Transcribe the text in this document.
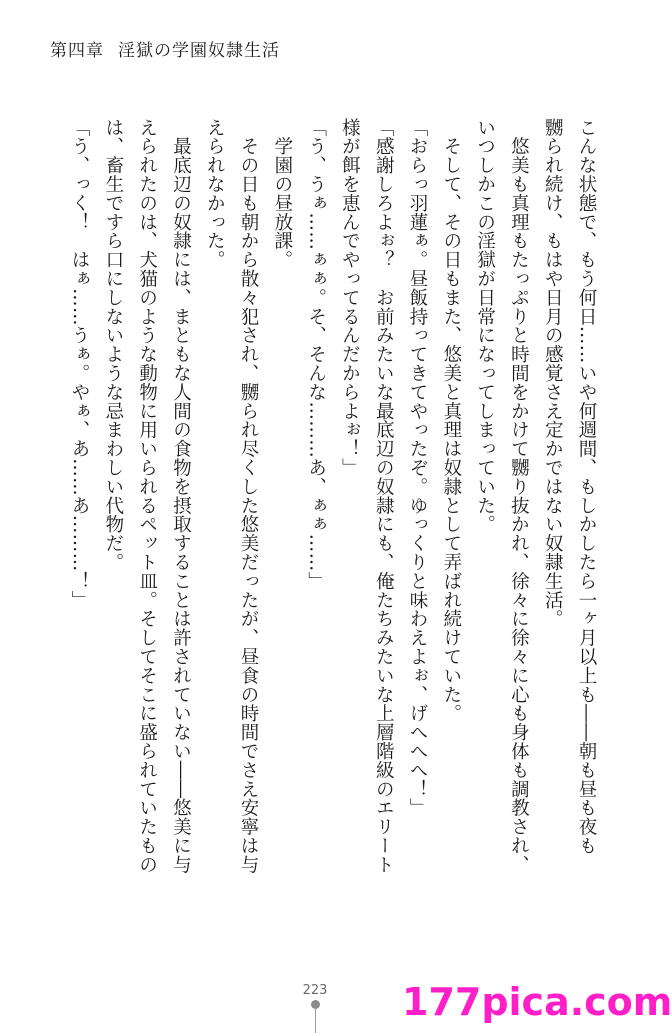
第四章 淫獄の学園奴隷生活
こんな状態で、もう何日……いや何週間、もしかしたら一ヶ月以上も――朝も昼も夜も
嬲られ続け、もはや日月の感覚さえ定かではない奴隷生活。
　悠美も真理もたっぷりと時間をかけて嬲り抜かれ、徐々に徐々に心も身体も調教され、
いつしかこの淫獄が日常になってしまっていた。
　そして、その日もまた、悠美と真理は奴隷として弄ばれ続けていた。
「おらっ羽蓮ぁ。昼飯持ってきてやったぞ。ゆっくりと味わえよぉ、げへへへ！」
「感謝しろよぉ？　お前みたいな最底辺の奴隷にも、俺たちみたいな上層階級のエリート
様が餌を恵んでやってるんだからよぉ！」
「う、うぁ……ぁぁ。そ、そんな………あ、ぁぁ……」
　学園の昼放課。
　その日も朝から散々犯され、嬲られ尽くした悠美だったが、昼食の時間でさえ安寧は与
えられなかった。
　最底辺の奴隷には、まともな人間の食物を摂取することは許されていない――悠美に与
えられたのは、犬猫のような動物に用いられるペット皿。そしてそこに盛られていたもの
は、畜生ですら口にしないような忌まわしい代物だ。
「う、っく！　はぁ……うぁ。やぁ、あ……あ………！」
223	177pica.com
